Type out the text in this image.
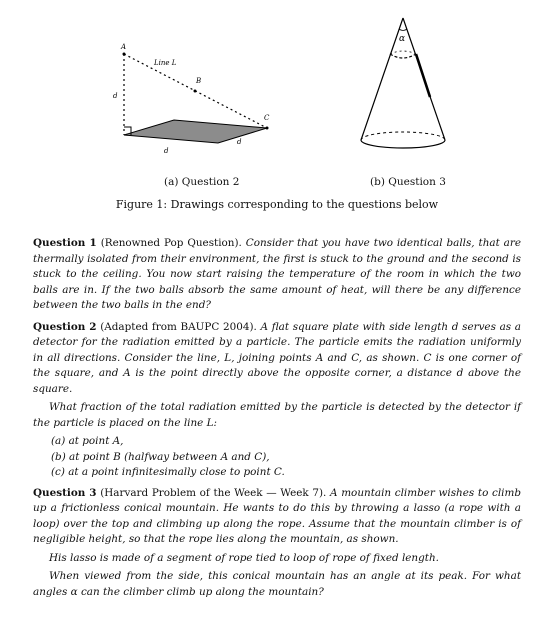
A
Line L
B
C
d
d
d
α
(a) Question 2	(b) Question 3
Figure 1: Drawings corresponding to the questions below

Question 1 (Renowned Pop Question). Consider that you have two identical balls, that are thermally isolated from their environment, the first is stuck to the ground and the second is stuck to the ceiling. You now start raising the temperature of the room in which the two balls are in. If the two balls absorb the same amount of heat, will there be any difference between the two balls in the end?

Question 2 (Adapted from BAUPC 2004). A flat square plate with side length d serves as a detector for the radiation emitted by a particle. The particle emits the radiation uniformly in all directions. Consider the line, L, joining points A and C, as shown. C is one corner of the square, and A is the point directly above the opposite corner, a distance d above the square.

What fraction of the total radiation emitted by the particle is detected by the detector if the particle is placed on the line L:

(a) at point A,
(b) at point B (halfway between A and C),
(c) at a point infinitesimally close to point C.

Question 3 (Harvard Problem of the Week — Week 7). A mountain climber wishes to climb up a frictionless conical mountain. He wants to do this by throwing a lasso (a rope with a loop) over the top and climbing up along the rope. Assume that the mountain climber is of negligible height, so that the rope lies along the mountain, as shown.

His lasso is made of a segment of rope tied to loop of rope of fixed length.

When viewed from the side, this conical mountain has an angle at its peak. For what angles α can the climber climb up along the mountain?
